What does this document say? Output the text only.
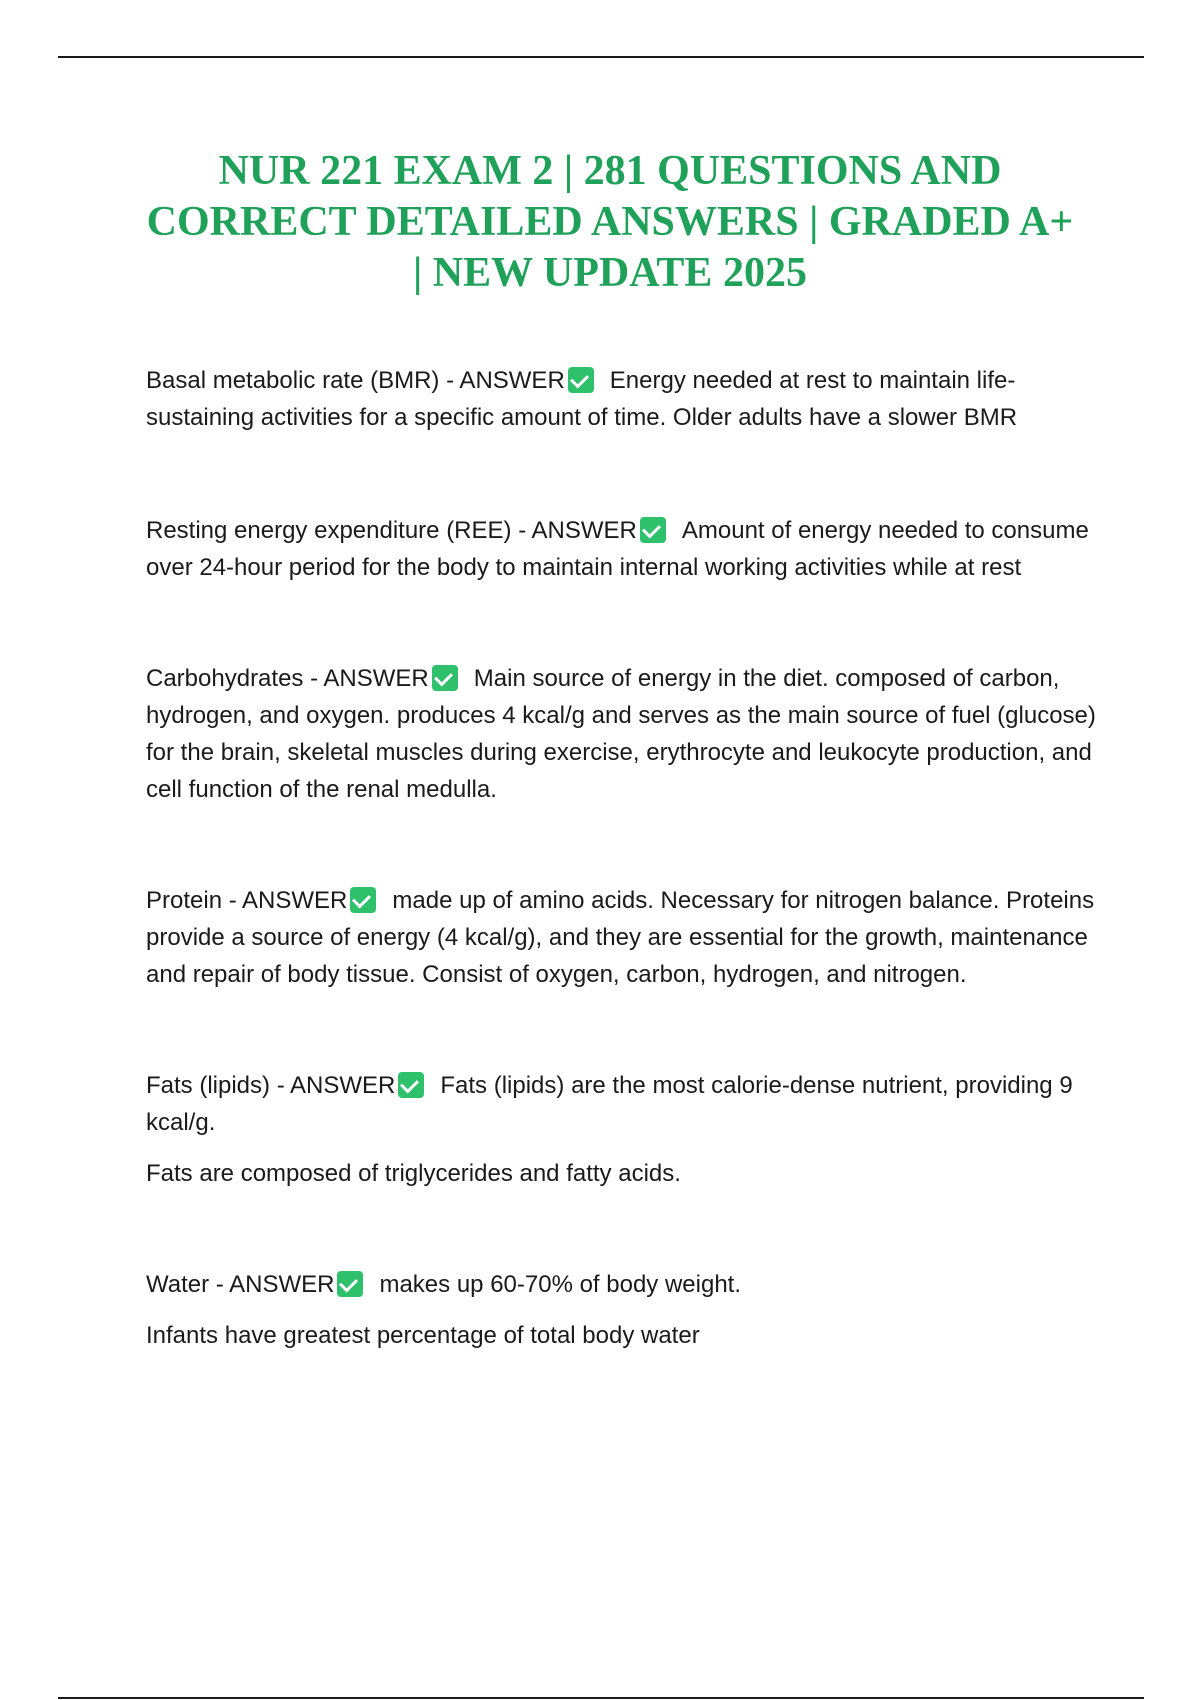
NUR 221 EXAM 2 | 281 QUESTIONS AND CORRECT DETAILED ANSWERS | GRADED A+ | NEW UPDATE 2025

Basal metabolic rate (BMR) - ANSWER Energy needed at rest to maintain life-sustaining activities for a specific amount of time. Older adults have a slower BMR

Resting energy expenditure (REE) - ANSWER Amount of energy needed to consume over 24-hour period for the body to maintain internal working activities while at rest

Carbohydrates - ANSWER Main source of energy in the diet. composed of carbon, hydrogen, and oxygen. produces 4 kcal/g and serves as the main source of fuel (glucose) for the brain, skeletal muscles during exercise, erythrocyte and leukocyte production, and cell function of the renal medulla.

Protein - ANSWER made up of amino acids. Necessary for nitrogen balance. Proteins provide a source of energy (4 kcal/g), and they are essential for the growth, maintenance and repair of body tissue. Consist of oxygen, carbon, hydrogen, and nitrogen.

Fats (lipids) - ANSWER Fats (lipids) are the most calorie-dense nutrient, providing 9 kcal/g.

Fats are composed of triglycerides and fatty acids.

Water - ANSWER makes up 60-70% of body weight.

Infants have greatest percentage of total body water
